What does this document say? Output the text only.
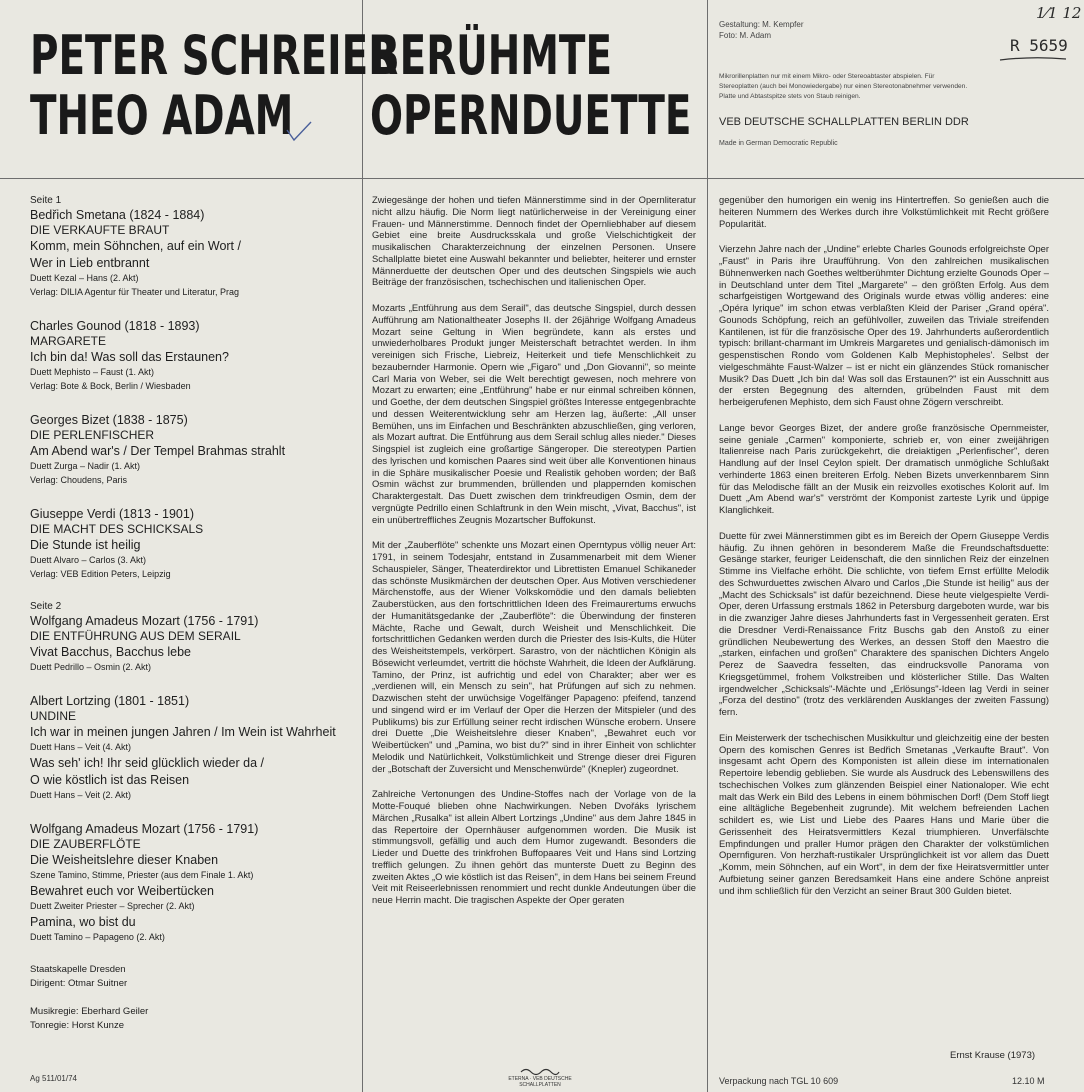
PETER SCHREIER
THEO ADAM
BERÜHMTE
OPERNDUETTE
1⁄1 12
R 5659
Gestaltung: M. Kempfer
Foto: M. Adam
Mikrorillenplatten nur mit einem Mikro- oder Stereoabtaster abspielen. Für Stereoplatten (auch bei Monowiedergabe) nur einen Stereotonabnehmer verwenden. Platte und Abtastspitze stets von Staub reinigen.
VEB DEUTSCHE SCHALLPLATTEN BERLIN DDR
Made in German Democratic Republic
Seite 1
Bedřich Smetana (1824 - 1884)
DIE VERKAUFTE BRAUT
Komm, mein Söhnchen, auf ein Wort /
Wer in Lieb entbrannt
Duett Kezal – Hans (2. Akt)
Verlag: DILIA Agentur für Theater und Literatur, Prag
Charles Gounod (1818 - 1893)
MARGARETE
Ich bin da! Was soll das Erstaunen?
Duett Mephisto – Faust (1. Akt)
Verlag: Bote & Bock, Berlin / Wiesbaden
Georges Bizet (1838 - 1875)
DIE PERLENFISCHER
Am Abend war's / Der Tempel Brahmas strahlt
Duett Zurga – Nadir (1. Akt)
Verlag: Choudens, Paris
Giuseppe Verdi (1813 - 1901)
DIE MACHT DES SCHICKSALS
Die Stunde ist heilig
Duett Alvaro – Carlos (3. Akt)
Verlag: VEB Edition Peters, Leipzig
Seite 2
Wolfgang Amadeus Mozart (1756 - 1791)
DIE ENTFÜHRUNG AUS DEM SERAIL
Vivat Bacchus, Bacchus lebe
Duett Pedrillo – Osmin (2. Akt)
Albert Lortzing (1801 - 1851)
UNDINE
Ich war in meinen jungen Jahren / Im Wein ist Wahrheit
Duett Hans – Veit (4. Akt)
Was seh' ich! Ihr seid glücklich wieder da /
O wie köstlich ist das Reisen
Duett Hans – Veit (2. Akt)
Wolfgang Amadeus Mozart (1756 - 1791)
DIE ZAUBERFLÖTE
Die Weisheitslehre dieser Knaben
Szene Tamino, Stimme, Priester (aus dem Finale 1. Akt)
Bewahret euch vor Weibertücken
Duett Zweiter Priester – Sprecher (2. Akt)
Pamina, wo bist du
Duett Tamino – Papageno (2. Akt)
Staatskapelle Dresden
Dirigent: Otmar Suitner
Musikregie: Eberhard Geiler
Tonregie: Horst Kunze

Zwiegesänge der hohen und tiefen Männerstimme sind in der Opernliteratur nicht allzu häufig. Die Norm liegt natürlicherweise in der Vereinigung einer Frauen- und Männerstimme. Dennoch findet der Opernliebhaber auf diesem Gebiet eine breite Ausdrucksskala und große Vielschichtigkeit der musikalischen Charakterzeichnung der einzelnen Personen. Unsere Schallplatte bietet eine Auswahl bekannter und beliebter, heiterer und ernster Männerduette der deutschen Oper und des deutschen Singspiels wie auch Beiträge der französischen, tschechischen und italienischen Oper.

Mozarts „Entführung aus dem Serail", das deutsche Singspiel, durch dessen Aufführung am Nationaltheater Josephs II. der 26jährige Wolfgang Amadeus Mozart seine Geltung in Wien begründete, kann als erstes und unwiederholbares Produkt junger Meisterschaft betrachtet werden. In ihm vereinigen sich Frische, Liebreiz, Heiterkeit und tiefe Menschlichkeit zu bezaubernder Harmonie. Opern wie „Figaro" und „Don Giovanni", so meinte Carl Maria von Weber, sei die Welt berechtigt gewesen, noch mehrere von Mozart zu erwarten; eine „Entführung" habe er nur einmal schreiben können, und Goethe, der dem deutschen Singspiel größtes Interesse entgegenbrachte und dessen Weiterentwicklung sehr am Herzen lag, äußerte: „All unser Bemühen, uns im Einfachen und Beschränkten abzuschließen, ging verloren, als Mozart auftrat. Die Entführung aus dem Serail schlug alles nieder." Dieses Singspiel ist zugleich eine großartige Sängeroper. Die stereotypen Partien des lyrischen und komischen Paares sind weit über alle Konventionen hinaus in die Sphäre musikalischer Poesie und Realistik gehoben worden; der Baß Osmin wächst zur brummenden, brüllenden und plappernden komischen Charaktergestalt. Das Duett zwischen dem trinkfreudigen Osmin, dem der vergnügte Pedrillo einen Schlaftrunk in den Wein mischt, „Vivat, Bacchus", ist ein unübertreffliches Zeugnis Mozartscher Buffokunst.

Mit der „Zauberflöte" schenkte uns Mozart einen Operntypus völlig neuer Art: 1791, in seinem Todesjahr, entstand in Zusammenarbeit mit dem Wiener Schauspieler, Sänger, Theaterdirektor und Librettisten Emanuel Schikaneder das schönste Musikmärchen der deutschen Oper. Aus Motiven verschiedener Märchenstoffe, aus der Wiener Volkskomödie und den damals beliebten Zauberstücken, aus den fortschrittlichen Ideen des Freimaurertums erwuchs der Humanitätsgedanke der „Zauberflöte": die Überwindung der finsteren Mächte, Rache und Gewalt, durch Weisheit und Menschlichkeit. Die fortschrittlichen Gedanken werden durch die Priester des Isis-Kults, die Hüter des Weisheitstempels, verkörpert. Sarastro, von der nächtlichen Königin als Bösewicht verleumdet, vertritt die höchste Wahrheit, die Ideen der Aufklärung. Tamino, der Prinz, ist aufrichtig und edel von Charakter; aber wer es „verdienen will, ein Mensch zu sein", hat Prüfungen auf sich zu nehmen. Dazwischen steht der urwüchsige Vogelfänger Papageno: pfeifend, tanzend und singend wird er im Verlauf der Oper die Herzen der Mitspieler (und des Publikums) bis zur Erfüllung seiner recht irdischen Wünsche erobern. Unsere drei Duette „Die Weisheitslehre dieser Knaben", „Bewahret euch vor Weibertücken" und „Pamina, wo bist du?" sind in ihrer Einheit von schlichter Melodik und Natürlichkeit, Volkstümlichkeit und Strenge dieser drei Figuren der „Botschaft der Zuversicht und Menschenwürde" (Knepler) zugeordnet.

Zahlreiche Vertonungen des Undine-Stoffes nach der Vorlage von de la Motte-Fouqué blieben ohne Nachwirkungen. Neben Dvořáks lyrischem Märchen „Rusalka" ist allein Albert Lortzings „Undine" aus dem Jahre 1845 in das Repertoire der Opernhäuser aufgenommen worden. Die Musik ist stimmungsvoll, gefällig und auch dem Humor zugewandt. Besonders die Lieder und Duette des trinkfrohen Buffopaares Veit und Hans sind Lortzing trefflich gelungen. Zu ihnen gehört das munterste Duett zu Beginn des zweiten Aktes „O wie köstlich ist das Reisen", in dem Hans bei seinem Freund Veit mit Reiseerlebnissen renommiert und recht dunkle Andeutungen über die neue Herrin macht. Die tragischen Aspekte der Oper geraten

gegenüber den humorigen ein wenig ins Hintertreffen. So genießen auch die heiteren Nummern des Werkes durch ihre Volkstümlichkeit mit Recht größere Popularität.

Vierzehn Jahre nach der „Undine" erlebte Charles Gounods erfolgreichste Oper „Faust" in Paris ihre Uraufführung. Von den zahlreichen musikalischen Bühnenwerken nach Goethes weltberühmter Dichtung erzielte Gounods Oper – in Deutschland unter dem Titel „Margarete" – den größten Erfolg. Aus dem scharfgeistigen Wortgewand des Originals wurde etwas völlig anderes: eine „Opéra lyrique" im schon etwas verblaßten Kleid der Pariser „Grand opéra". Gounods Schöpfung, reich an gefühlvoller, zuweilen das Triviale streifenden Kantilenen, ist für die französische Oper des 19. Jahrhunderts außerordentlich typisch: brillant-charmant im Umkreis Margaretes und genialisch-dämonisch im gespenstischen Rondo vom Goldenen Kalb Mephistopheles'. Selbst der vielgeschmähte Faust-Walzer – ist er nicht ein glänzendes Stück romanischer Musik? Das Duett „Ich bin da! Was soll das Erstaunen?" ist ein Ausschnitt aus der ersten Begegnung des alternden, grübelnden Faust mit dem herbeigerufenen Mephisto, dem sich Faust ohne Zögern verschreibt.

Lange bevor Georges Bizet, der andere große französische Opernmeister, seine geniale „Carmen" komponierte, schrieb er, von einer zweijährigen Italienreise nach Paris zurückgekehrt, die dreiaktigen „Perlenfischer", deren Handlung auf der Insel Ceylon spielt. Der dramatisch unmögliche Schlußakt verhinderte 1863 einen breiteren Erfolg. Neben Bizets unverkennbarem Sinn für das Melodische fällt an der Musik ein reizvolles exotisches Kolorit auf. Im Duett „Am Abend war's" verströmt der Komponist zarteste Lyrik und üppige Klanglichkeit.

Duette für zwei Männerstimmen gibt es im Bereich der Opern Giuseppe Verdis häufig. Zu ihnen gehören in besonderem Maße die Freundschaftsduette: Gesänge starker, feuriger Leidenschaft, die den sinnlichen Reiz der einzelnen Stimme ins Vielfache erhöht. Die schlichte, von tiefem Ernst erfüllte Melodik des Schwurduettes zwischen Alvaro und Carlos „Die Stunde ist heilig" aus der „Macht des Schicksals" ist dafür bezeichnend. Diese heute vielgespielte Verdi-Oper, deren Urfassung erstmals 1862 in Petersburg dargeboten wurde, war bis in die zwanziger Jahre dieses Jahrhunderts fast in Vergessenheit geraten. Erst die Dresdner Verdi-Renaissance Fritz Buschs gab den Anstoß zu einer gründlichen Neubewertung des Werkes, an dessen Stoff den Maestro die „starken, einfachen und großen" Charaktere des spanischen Dichters Angelo Perez de Saavedra fesselten, das eindrucksvolle Panorama von Kriegsgetümmel, frohem Volkstreiben und klösterlicher Stille. Das Walten irgendwelcher „Schicksals"-Mächte und „Erlösungs"-Ideen lag Verdi in seiner „Forza del destino" (trotz des verklärenden Ausklanges der zweiten Fassung) fern.

Ein Meisterwerk der tschechischen Musikkultur und gleichzeitig eine der besten Opern des komischen Genres ist Bedřich Smetanas „Verkaufte Braut". Von insgesamt acht Opern des Komponisten ist allein diese im internationalen Repertoire lebendig geblieben. Sie wurde als Ausdruck des Lebenswillens des tschechischen Volkes zum glänzenden Beispiel einer Nationaloper. Wie echt malt das Werk ein Bild des Lebens in einem böhmischen Dorf! (Dem Stoff liegt eine alltägliche Begebenheit zugrunde). Mit welchem befreienden Lachen schildert es, wie List und Liebe des Paares Hans und Marie über die Gerissenheit des Heiratsvermittlers Kezal triumphieren. Unverfälschte Empfindungen und praller Humor prägen den Charakter der volkstümlichen Opernfiguren. Von herzhaft-rustikaler Ursprünglichkeit ist vor allem das Duett „Komm, mein Söhnchen, auf ein Wort", in dem der fixe Heiratsvermittler unter Aufbietung seiner ganzen Beredsamkeit Hans eine andere Schöne anpreist und ihm schließlich für den Verzicht an seiner Braut 300 Gulden bietet.

Ernst Krause (1973)
Ag 511/01/74	ETERNA · VEB DEUTSCHE SCHALLPLATTEN	Verpackung nach TGL 10 609	12.10 M
